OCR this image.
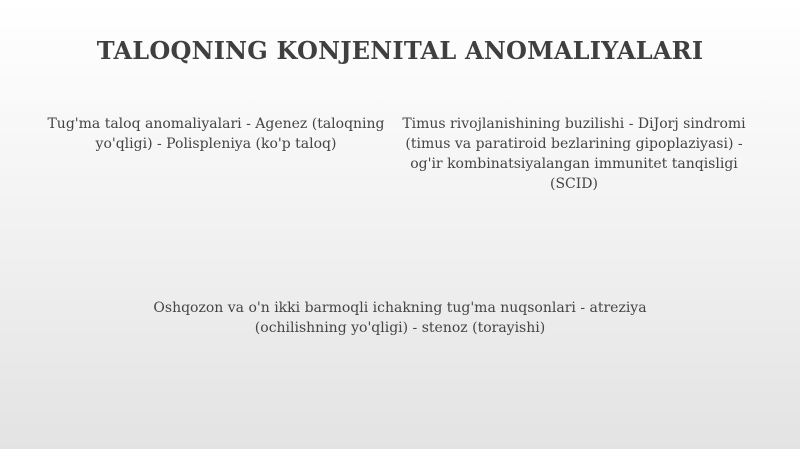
TALOQNING KONJENITAL ANOMALIYALARI

Tug'ma taloq anomaliyalari - Agenez (taloqning yo'qligi) - Polispleniya (ko'p taloq)

Timus rivojlanishining buzilishi - DiJorj sindromi (timus va paratiroid bezlarining gipoplaziyasi) - og'ir kombinatsiyalangan immunitet tanqisligi (SCID)

Oshqozon va o'n ikki barmoqli ichakning tug'ma nuqsonlari - atreziya (ochilishning yo'qligi) - stenoz (torayishi)
